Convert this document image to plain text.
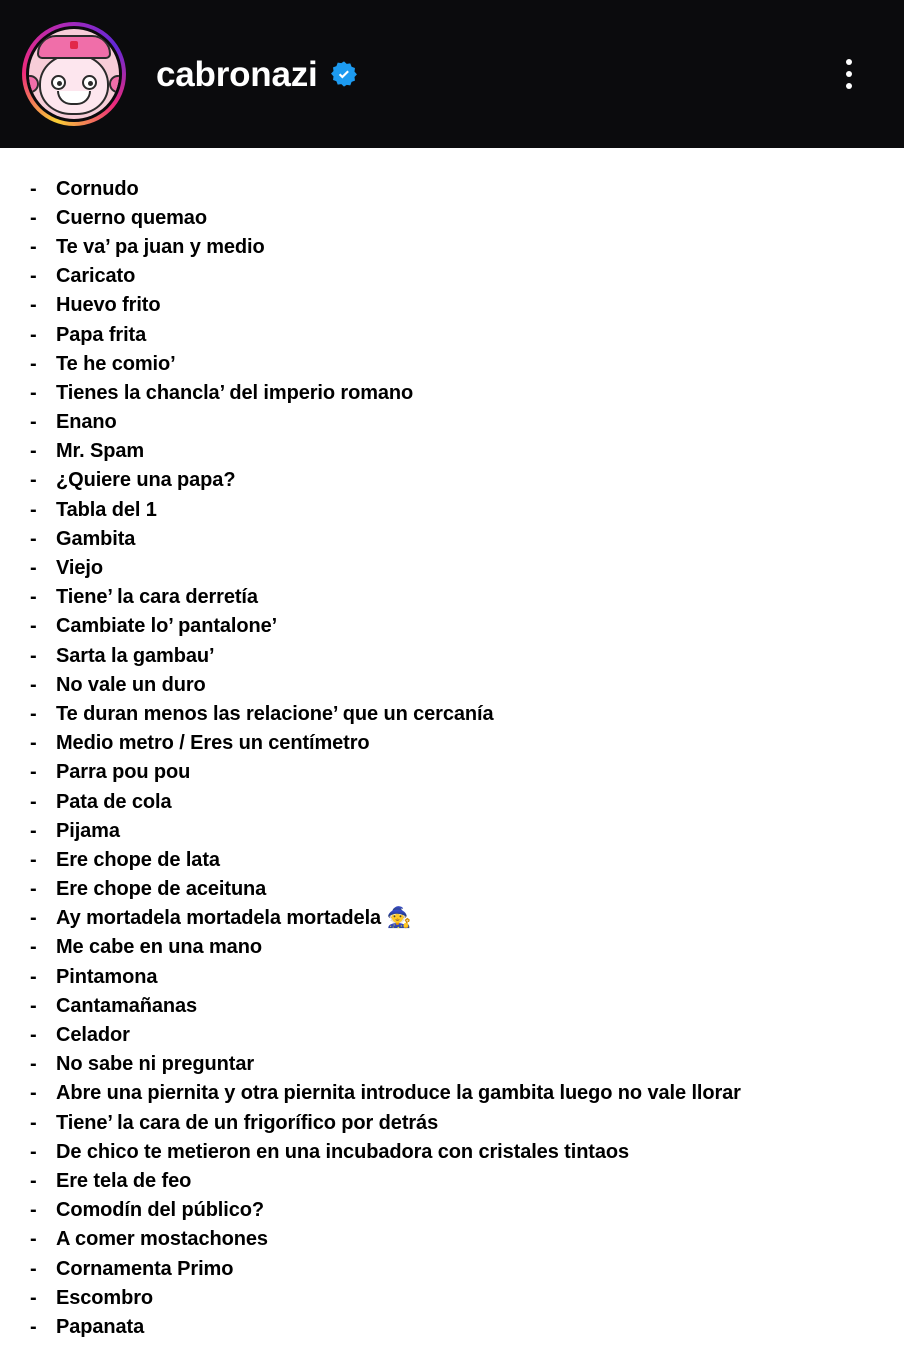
cabronazi
- Cornudo
- Cuerno quemao
- Te va’ pa juan y medio
- Caricato
- Huevo frito
- Papa frita
- Te he comio’
- Tienes la chancla’ del imperio romano
- Enano
- Mr. Spam
- ¿Quiere una papa?
- Tabla del 1
- Gambita
- Viejo
- Tiene’ la cara derretía
- Cambiate lo’ pantalone’
- Sarta la gambau’
- No vale un duro
- Te duran menos las relacione’ que un cercanía
- Medio metro / Eres un centímetro
- Parra pou pou
- Pata de cola
- Pijama
- Ere chope de lata
- Ere chope de aceituna
- Ay mortadela mortadela mortadela 🧙
- Me cabe en una mano
- Pintamona
- Cantamañanas
- Celador
- No sabe ni preguntar
- Abre una piernita y otra piernita introduce la gambita luego no vale llorar
- Tiene’ la cara de un frigorífico por detrás
- De chico te metieron en una incubadora con cristales tintaos
- Ere tela de feo
- Comodín del público?
- A comer mostachones
- Cornamenta Primo
- Escombro
- Papanata
